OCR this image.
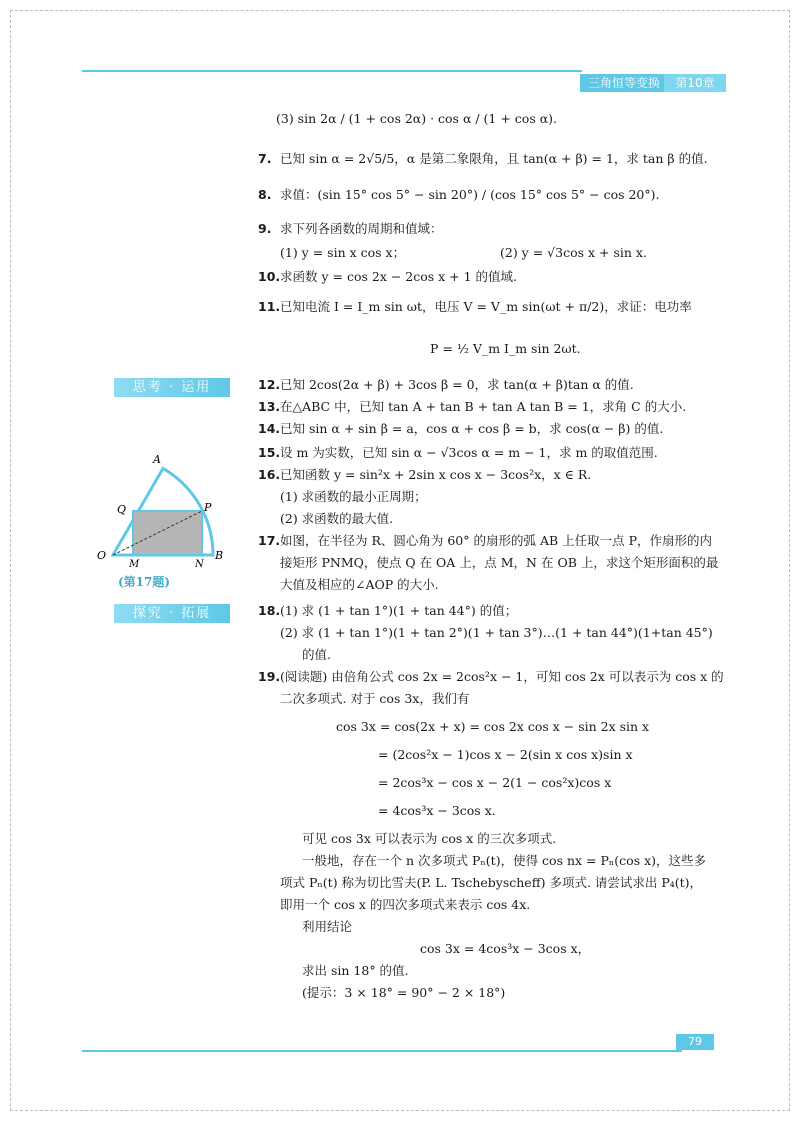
三角恒等变换	第10章
(3) sin 2α / (1 + cos 2α) · cos α / (1 + cos α).
7. 已知 sin α = 2√5/5，α 是第二象限角，且 tan(α + β) = 1，求 tan β 的值.
8. 求值：(sin 15° cos 5° − sin 20°) / (cos 15° cos 5° − cos 20°).
9. 求下列各函数的周期和值域：
(1) y = sin x cos x；	(2) y = √3cos x + sin x.
10.求函数 y = cos 2x − 2cos x + 1 的值域.
11.已知电流 I = I_m sin ωt，电压 V = V_m sin(ωt + π/2)，求证：电功率
P = ½ V_m I_m sin 2ωt.
思考 · 运用	12.已知 2cos(2α + β) + 3cos β = 0，求 tan(α + β)tan α 的值.
13.在△ABC 中，已知 tan A + tan B + tan A tan B = 1，求角 C 的大小.
14.已知 sin α + sin β = a，cos α + cos β = b，求 cos(α − β) 的值.
15.设 m 为实数，已知 sin α − √3cos α = m − 1，求 m 的取值范围.
16.已知函数 y = sin²x + 2sin x cos x − 3cos²x，x ∈ R.
(1) 求函数的最小正周期；
(2) 求函数的最大值.
17.如图，在半径为 R、圆心角为 60° 的扇形的弧 AB 上任取一点 P，作扇形的内
接矩形 PNMQ，使点 Q 在 OA 上，点 M，N 在 OB 上，求这个矩形面积的最
大值及相应的∠AOP 的大小.
A
Q	P
O
M	N
B
(第17题)
探究 · 拓展	18.(1) 求 (1 + tan 1°)(1 + tan 44°) 的值；
(2) 求 (1 + tan 1°)(1 + tan 2°)(1 + tan 3°)…(1 + tan 44°)(1+tan 45°)
的值.
19.(阅读题) 由倍角公式 cos 2x = 2cos²x − 1，可知 cos 2x 可以表示为 cos x 的
二次多项式. 对于 cos 3x，我们有
cos 3x = cos(2x + x) = cos 2x cos x − sin 2x sin x
= (2cos²x − 1)cos x − 2(sin x cos x)sin x
= 2cos³x − cos x − 2(1 − cos²x)cos x
= 4cos³x − 3cos x.
可见 cos 3x 可以表示为 cos x 的三次多项式.
一般地，存在一个 n 次多项式 Pₙ(t)，使得 cos nx = Pₙ(cos x)，这些多
项式 Pₙ(t) 称为切比雪夫(P. L. Tschebyscheff) 多项式. 请尝试求出 P₄(t)，
即用一个 cos x 的四次多项式来表示 cos 4x.
利用结论
cos 3x = 4cos³x − 3cos x，
求出 sin 18° 的值.
(提示：3 × 18° = 90° − 2 × 18°)
79
